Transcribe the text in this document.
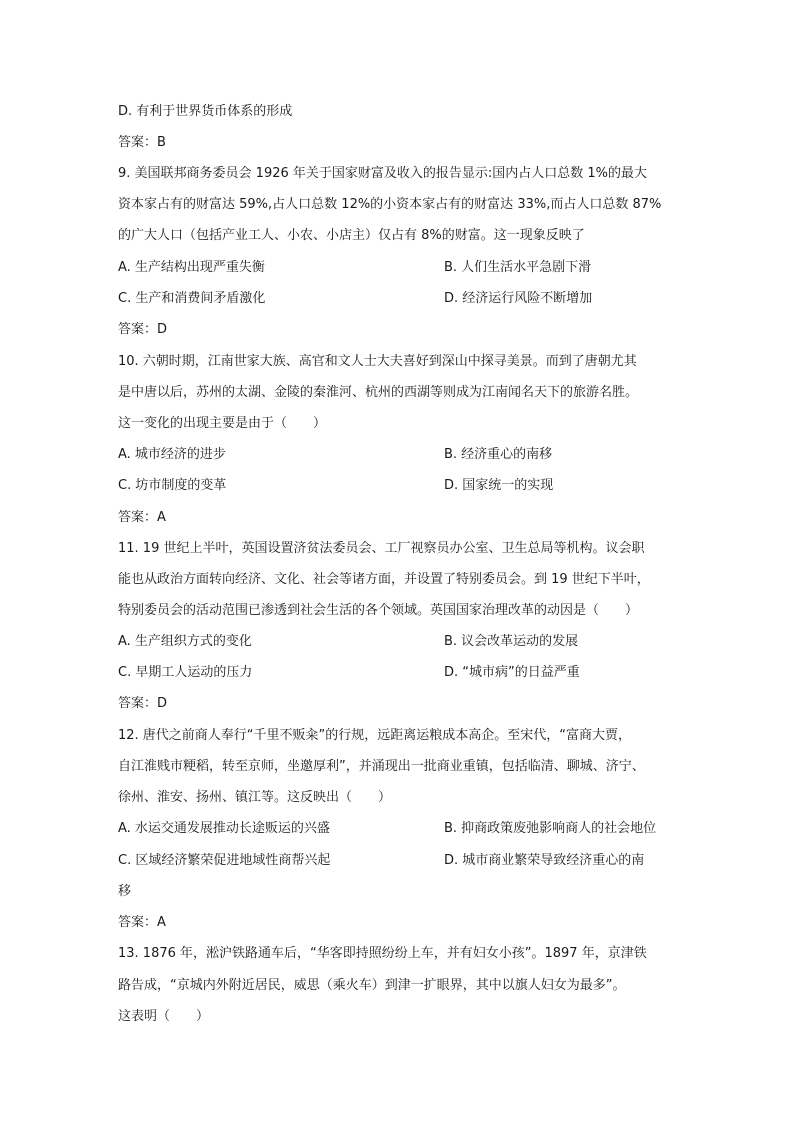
D. 有利于世界货币体系的形成
答案：B
9. 美国联邦商务委员会 1926 年关于国家财富及收入的报告显示:国内占人口总数 1%的最大
资本家占有的财富达 59%,占人口总数 12%的小资本家占有的财富达 33%,而占人口总数 87%
的广大人口（包括产业工人、小农、小店主）仅占有 8%的财富。这一现象反映了
A. 生产结构出现严重失衡	B. 人们生活水平急剧下滑
C. 生产和消费间矛盾激化	D. 经济运行风险不断增加
答案：D
10. 六朝时期，江南世家大族、高官和文人士大夫喜好到深山中探寻美景。而到了唐朝尤其
是中唐以后，苏州的太湖、金陵的秦淮河、杭州的西湖等则成为江南闻名天下的旅游名胜。
这一变化的出现主要是由于（　　）
A. 城市经济的进步	B. 经济重心的南移
C. 坊市制度的变革	D. 国家统一的实现
答案：A
11. 19 世纪上半叶，英国设置济贫法委员会、工厂视察员办公室、卫生总局等机构。议会职
能也从政治方面转向经济、文化、社会等诸方面，并设置了特别委员会。到 19 世纪下半叶，
特别委员会的活动范围已渗透到社会生活的各个领域。英国国家治理改革的动因是（　　）
A. 生产组织方式的变化	B. 议会改革运动的发展
C. 早期工人运动的压力	D. “城市病”的日益严重
答案：D
12. 唐代之前商人奉行“千里不贩籴”的行规，远距离运粮成本高企。至宋代，“富商大贾，
自江淮贱市粳稻，转至京师，坐邀厚利”，并涌现出一批商业重镇，包括临清、聊城、济宁、
徐州、淮安、扬州、镇江等。这反映出（　　）
A. 水运交通发展推动长途贩运的兴盛	B. 抑商政策废弛影响商人的社会地位
C. 区域经济繁荣促进地域性商帮兴起	D. 城市商业繁荣导致经济重心的南
移
答案：A
13. 1876 年，淞沪铁路通车后，“华客即持照纷纷上车，并有妇女小孩”。1897 年，京津铁
路告成，“京城内外附近居民，威思（乘火车）到津一扩眼界，其中以旗人妇女为最多”。
这表明（　　）
